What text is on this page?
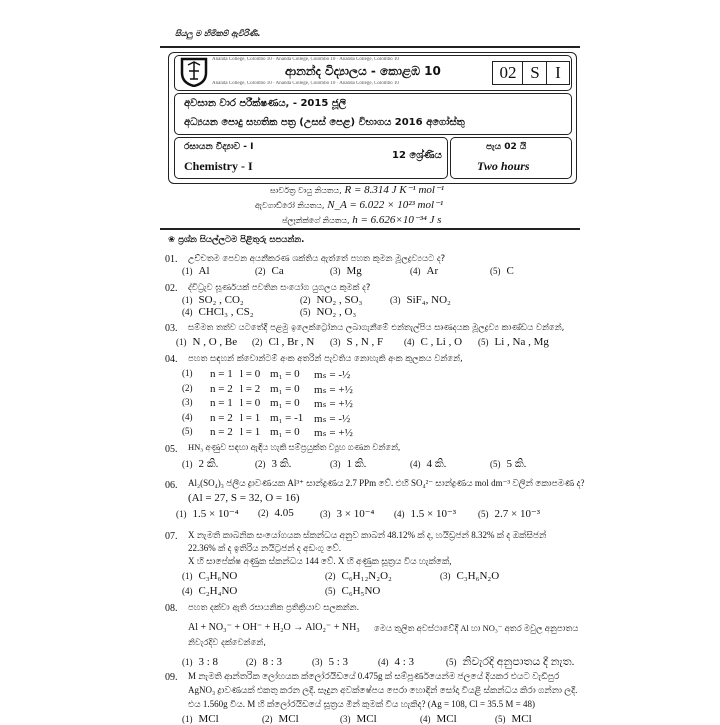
සියලු ම හිමිකම් ඇවිරිණි.
Ananda College, Colombo 10 · Ananda College, Colombo 10 · Ananda College, Colombo 10
ආනන්ද විද්‍යාලය - කොළඹ 10
Ananda College, Colombo 10 · Ananda College, Colombo 10 · Ananda College, Colombo 10
02 S I
අවසාන වාර පරීක්ෂණය, - 2015 ජූලි
අධ්‍යයන පොදු සහතික පත්‍ර (උසස් පෙළ) විභාගය 2016 අගෝස්තු
රසායන විද්‍යාව - I
Chemistry - I
12 ශ්‍රේණිය
පැය 02 යි
Two hours
සාර්වත්‍ර වායු නියතය, R = 8.314 J K⁻¹ mol⁻¹
ඇවගාඩ්රෝ නියතය, N_A = 6.022 × 10²³ mol⁻¹
ප්ලෑන්ක්ගේ නියතය, h = 6.626×10⁻³⁴ J s
❀ ප්‍රශ්න සියල්ලටම පිළිතුරු සපයන්න.
01. උච්චතම පෙවන අයනීකරණ ශක්තිය ඇත්තේ පහත කුමන මූලද්‍රව්‍යයට ද?
(1) Al	(2) Ca	(3) Mg	(4) Ar	(5) C
02. ද්විධ්‍රැව ඝූර්ණයක් පවතින සංයෝග යුගලය කුමක් ද?
(1) SO₂ , CO₂	(2) NO₂ , SO₃	(3) SiF₄, NO₂
(4) CHCl₃ , CS₂	(5) NO₂ , O₃
03. සම්මත තත්ව යටතේදී පළමු ඉලෙක්ට්‍රෝනය ලබාගැනීමේ එන්තැල්පිය සෘණදයක මූලද්‍රව්‍ය කාණ්ඩය වන්නේ,
(1) N , O , Be (2) Cl , Br , N (3) S , N , F (4) C , Li , O (5) Li , Na , Mg
04. පහත සඳහන් ක්වොන්ටම් අංක අතරින් පැවතිය නොහැකි අංක කුලකය වන්නේ,
(1) n = 1 l = 0 m₁ = 0 mₛ = -½
(2) n = 2 l = 2 m₁ = 0 mₛ = +½
(3) n = 1 l = 0 m₁ = 0 mₛ = +½
(4) n = 2 l = 1 m₁ = -1 mₛ = -½
(5) n = 2 l = 1 m₁ = 0 mₛ = +½
05. HN₃ අණුව සඳහා ඇඳිය හැකි සම්ප්‍රයුක්ත ව්‍යූහ ගණන වන්නේ,
(1) 2 කි.	(2) 3 කි.	(3) 1 කි.	(4) 4 කි.	(5) 5 කි.
06. Al₂(SO₄)₃ ජලීය ද්‍රාවණයක Al³⁺ සාන්ද්‍රණය 2.7 PPm වේ. එහි SO₄²⁻ සාන්ද්‍රණය mol dm⁻³ වලින් කොපමණ ද?
(Al = 27, S = 32, O = 16)
(1) 1.5 × 10⁻⁴ (2) 4.05	(3) 3 × 10⁻⁴ (4) 1.5 × 10⁻³ (5) 2.7 × 10⁻³
07. X නැමති කාබනික සංයෝගයක ස්කන්ධය අනුව කාබන් 48.12% ක් ද, හයිඩ්‍රජන් 8.32% ක් ද ඔක්සිජන්
22.36% ක් ද ඉතිරිය නයිට්‍රජන් ද අඩංගු වේ.
X හි සාපේක්ෂ අණුක ස්කන්ධය 144 වේ. X හි අණුක සූත්‍රය විය හැක්කේ,
(1) C₃H₆NO	(2) C₆H₁₂N₂O₂	(3) C₃H₆N₂O
(4) C₂H₄NO	(5) C₆H₅NO
08. පහත දක්වා ඇති රසායනික ප්‍රතික්‍රියාව සලකන්න.
Al + NO₃⁻ + OH⁻ + H₂O → AlO₂⁻ + NH₃ මෙය තුලිත අවස්ථාවේදී Al හා NO₃⁻ අතර මවුල අනුපාතය
නිවැරදිව දක්වෙන්නේ,
(1) 3 : 8	(2) 8 : 3	(3) 5 : 3	(4) 4 : 3	(5) නිවැරදි අනුපාතය දී නැත.
09. M නැමති ආන්තරික ලෝහයක ක්ලෝරයිඩයේ 0.475g ක් සම්පූර්ණයෙන්ම ජලයේ දියකර එයට වැඩිපුර
AgNO₃ ද්‍රාවණයක් එකතු කරන ලදී. සෑදුන අවක්ෂේපය පෙරා හොඳින් සෝදා වියළී ස්කන්ධය කිරා ගන්නා ලදී.
එය 1.560g විය. M හි ක්ලෝරයිඩයේ සූත්‍රය මින් කුමක් විය හැකිද? (Ag = 108, Cl = 35.5 M = 48)
(1) MCl	(2) MCl	(3) MCl	(4) MCl	(5) MCl
